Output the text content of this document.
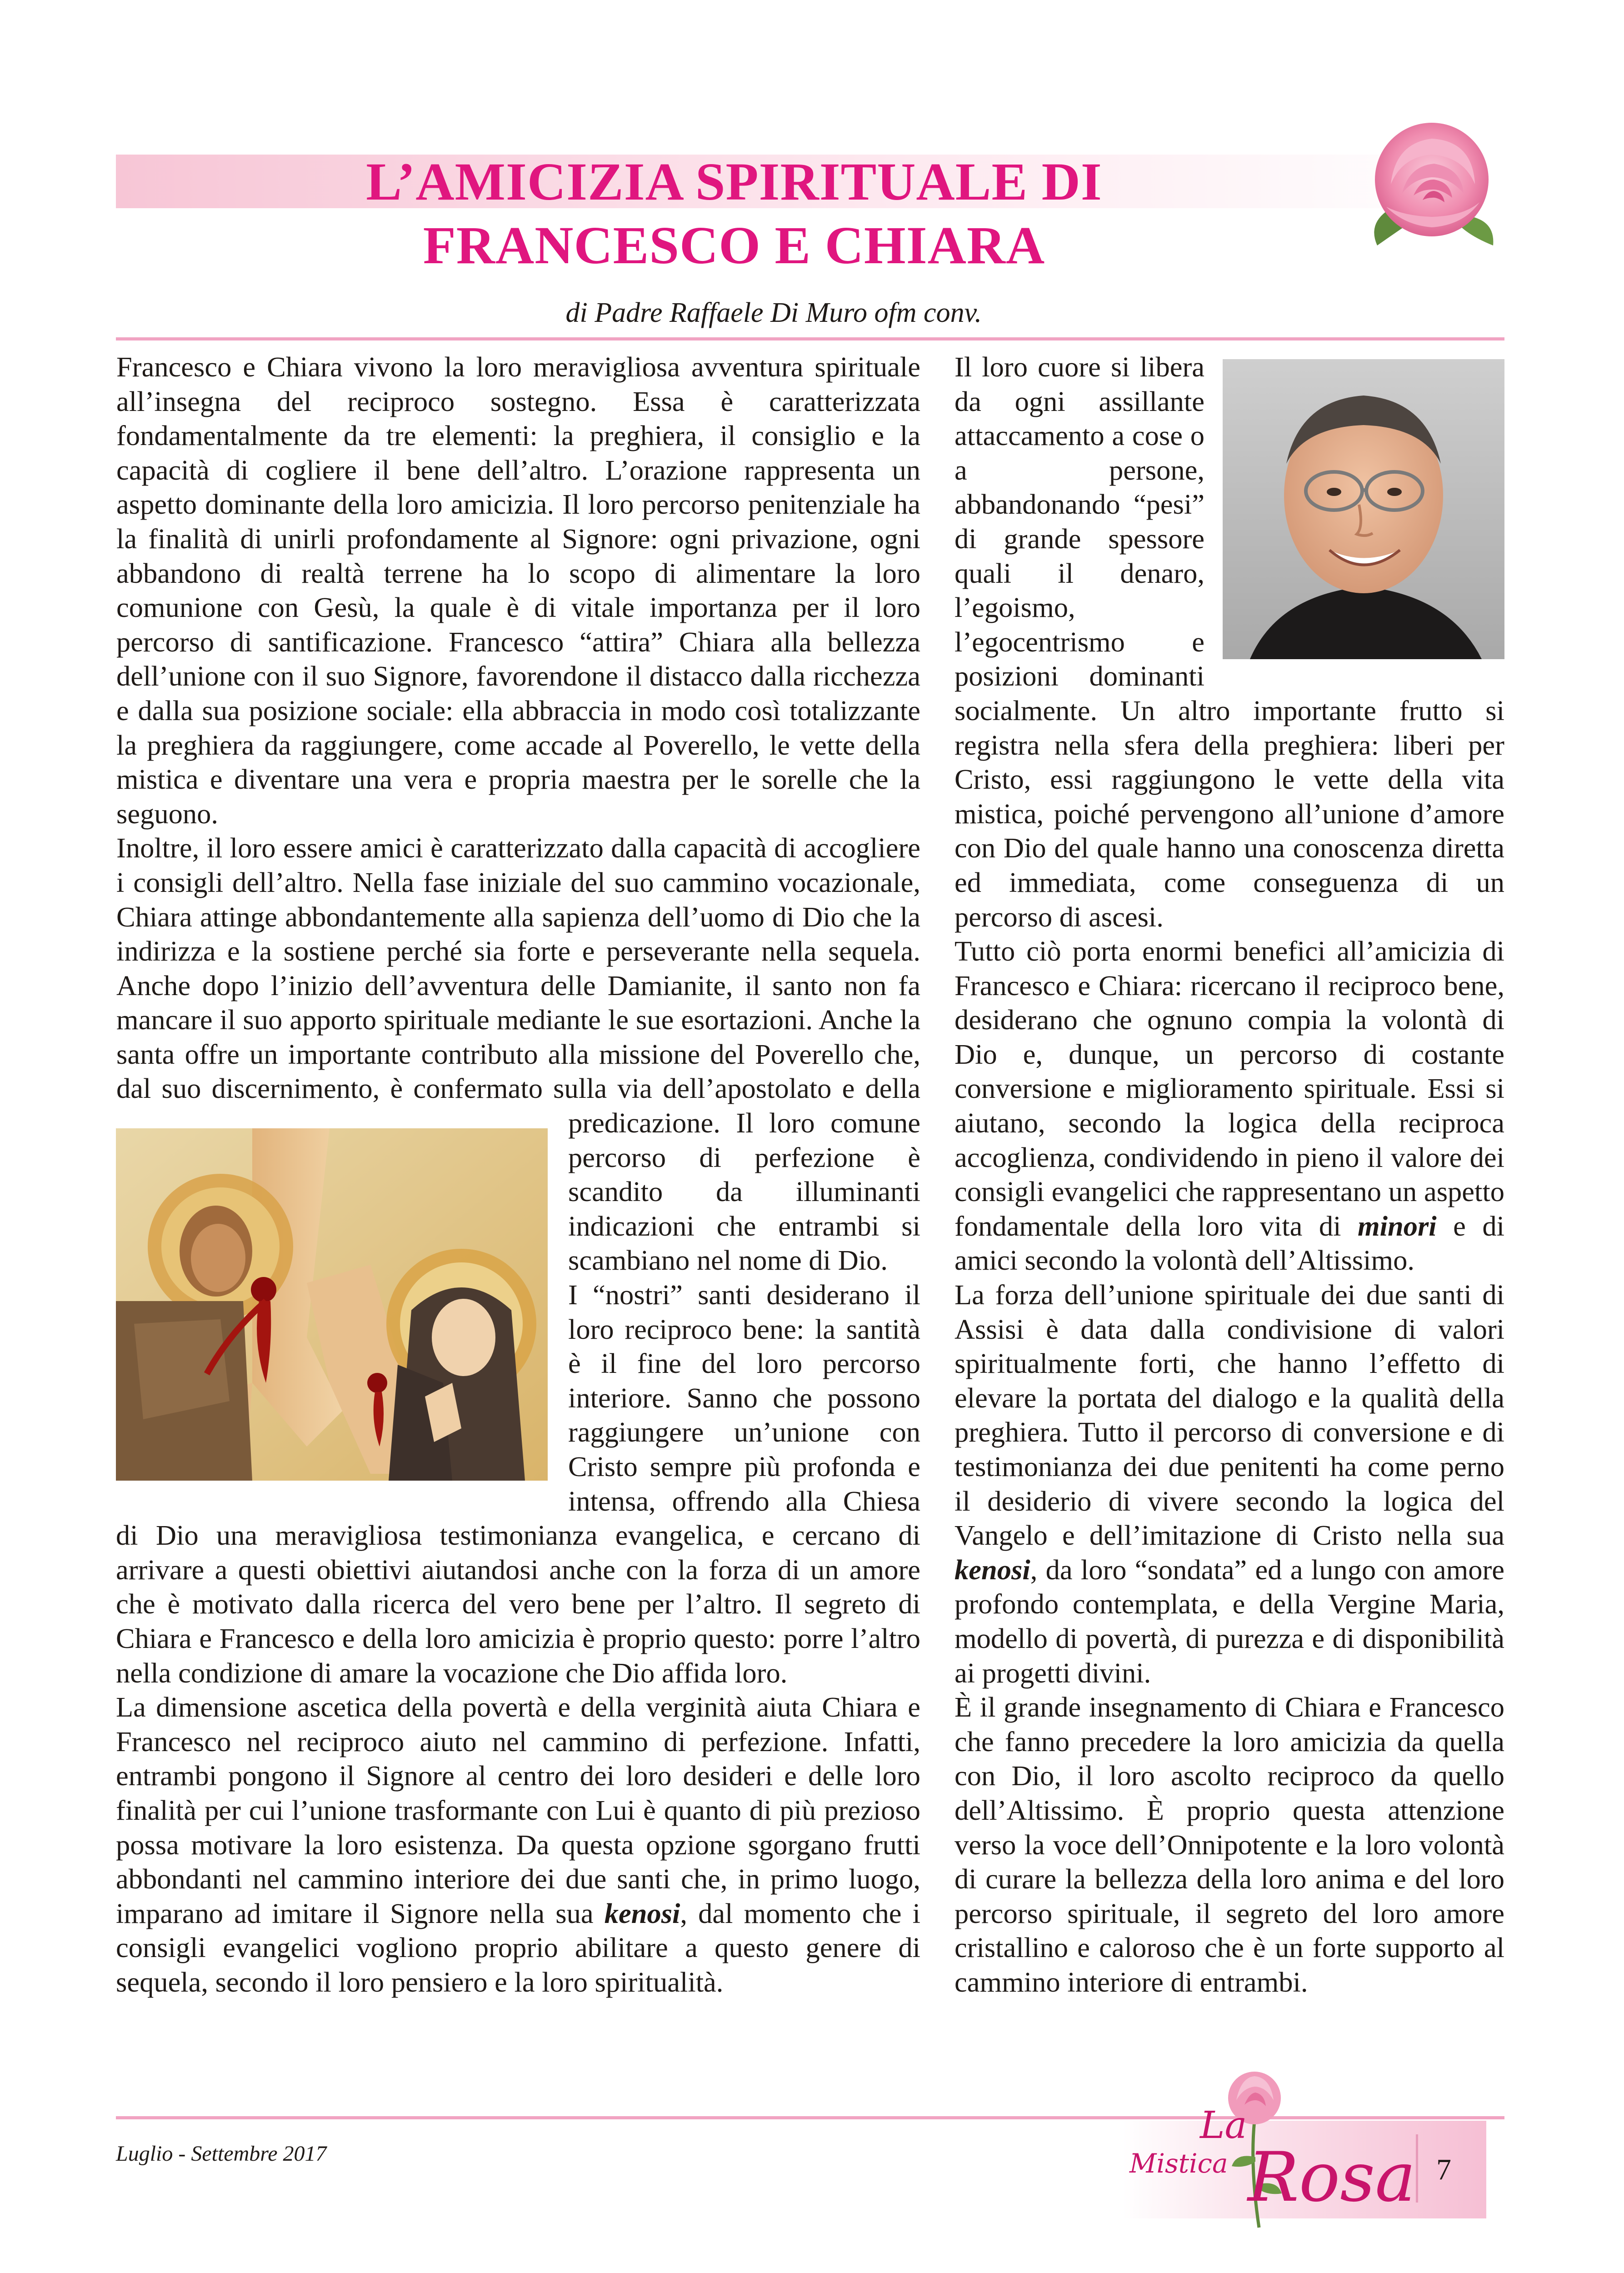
L’AMICIZIA SPIRITUALE DI
FRANCESCO E CHIARA

di Padre Raffaele Di Muro ofm conv.

Francesco e Chiara vivono la loro meravigliosa avventura spirituale all’insegna del reciproco sostegno. Essa è caratterizzata fondamentalmente da tre elementi: la preghiera, il consiglio e la capacità di cogliere il bene dell’altro. L’orazione rappresenta un aspetto dominante della loro amicizia. Il loro percorso penitenziale ha la finalità di unirli profondamente al Signore: ogni privazione, ogni abbandono di realtà terrene ha lo scopo di alimentare la loro comunione con Gesù, la quale è di vitale importanza per il loro percorso di santificazione. Francesco “attira” Chiara alla bellezza dell’unione con il suo Signore, favorendone il distacco dalla ricchezza e dalla sua posizione sociale: ella abbraccia in modo così totalizzante la preghiera da raggiungere, come accade al Poverello, le vette della mistica e diventare una vera e propria maestra per le sorelle che la seguono.

Inoltre, il loro essere amici è caratterizzato dalla capacità di accogliere i consigli dell’altro. Nella fase iniziale del suo cammino vocazionale, Chiara attinge abbondantemente alla sapienza dell’uomo di Dio che la indirizza e la sostiene perché sia forte e perseverante nella sequela. Anche dopo l’inizio dell’avventura delle Damianite, il santo non fa mancare il suo apporto spirituale mediante le sue esortazioni. Anche la santa offre un importante contributo alla missione del Poverello che, dal suo discernimento, è confermato sulla via dell’apostolato e della predicazione. Il loro comune percorso di perfezione è scandito da illuminanti indicazioni che entrambi si scambiano nel nome di Dio.

I “nostri” santi desiderano il loro reciproco bene: la santità è il fine del loro percorso interiore. Sanno che possono raggiungere un’unione con Cristo sempre più profonda e intensa, offrendo alla Chiesa di Dio una meravigliosa testimonianza evangelica, e cercano di arrivare a questi obiettivi aiutandosi anche con la forza di un amore che è motivato dalla ricerca del vero bene per l’altro. Il segreto di Chiara e Francesco e della loro amicizia è proprio questo: porre l’altro nella condizione di amare la vocazione che Dio affida loro.

La dimensione ascetica della povertà e della verginità aiuta Chiara e Francesco nel reciproco aiuto nel cammino di perfezione. Infatti, entrambi pongono il Signore al centro dei loro desideri e delle loro finalità per cui l’unione trasformante con Lui è quanto di più prezioso possa motivare la loro esistenza. Da questa opzione sgorgano frutti abbondanti nel cammino interiore dei due santi che, in primo luogo, imparano ad imitare il Signore nella sua kenosi, dal momento che i consigli evangelici vogliono proprio abilitare a questo genere di sequela, secondo il loro pensiero e la loro spiritualità.

Il loro cuore si libera da ogni assillante attaccamento a cose o a persone, abbandonando “pesi” di grande spessore quali il denaro, l’egoismo, l’egocentrismo e posizioni dominanti socialmente. Un altro importante frutto si registra nella sfera della preghiera: liberi per Cristo, essi raggiungono le vette della vita mistica, poiché pervengono all’unione d’amore con Dio del quale hanno una conoscenza diretta ed immediata, come conseguenza di un percorso di ascesi.

Tutto ciò porta enormi benefici all’amicizia di Francesco e Chiara: ricercano il reciproco bene, desiderano che ognuno compia la volontà di Dio e, dunque, un percorso di costante conversione e miglioramento spirituale. Essi si aiutano, secondo la logica della reciproca accoglienza, condividendo in pieno il valore dei consigli evangelici che rappresentano un aspetto fondamentale della loro vita di minori e di amici secondo la volontà dell’Altissimo.

La forza dell’unione spirituale dei due santi di Assisi è data dalla condivisione di valori spiritualmente forti, che hanno l’effetto di elevare la portata del dialogo e la qualità della preghiera. Tutto il percorso di conversione e di testimonianza dei due penitenti ha come perno il desiderio di vivere secondo la logica del Vangelo e dell’imitazione di Cristo nella sua kenosi, da loro “sondata” ed a lungo con amore profondo contemplata, e della Vergine Maria, modello di povertà, di purezza e di disponibilità ai progetti divini.

È il grande insegnamento di Chiara e Francesco che fanno precedere la loro amicizia da quella con Dio, il loro ascolto reciproco da quello dell’Altissimo. È proprio questa attenzione verso la voce dell’Onnipotente e la loro volontà di curare la bellezza della loro anima e del loro percorso spirituale, il segreto del loro amore cristallino e caloroso che è un forte supporto al cammino interiore di entrambi.

Luglio - Settembre 2017
La
Mistica Rosa 7
